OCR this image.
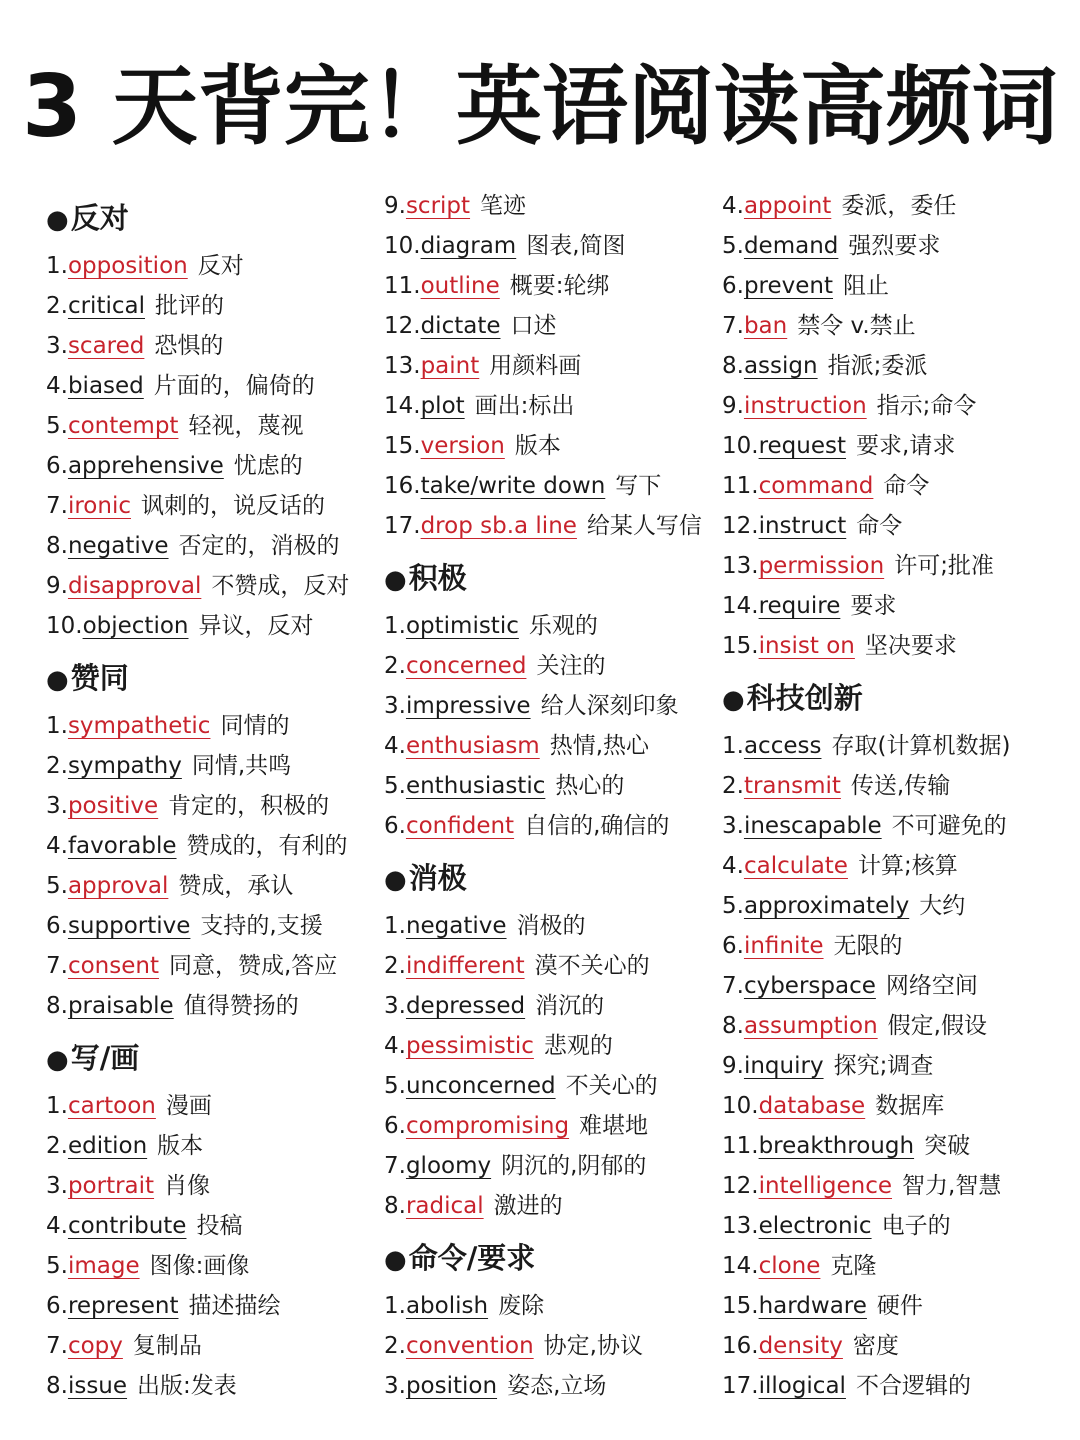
3 天背完！英语阅读高频词
●反对
1.opposition 反对
2.critical 批评的
3.scared 恐惧的
4.biased 片面的，偏倚的
5.contempt 轻视，蔑视
6.apprehensive 忧虑的
7.ironic 讽刺的，说反话的
8.negative 否定的，消极的
9.disapproval 不赞成，反对
10.objection 异议，反对
●赞同
1.sympathetic 同情的
2.sympathy 同情,共鸣
3.positive 肯定的，积极的
4.favorable 赞成的，有利的
5.approval 赞成，承认
6.supportive 支持的,支援
7.consent 同意，赞成,答应
8.praisable 值得赞扬的
●写/画
1.cartoon 漫画
2.edition 版本
3.portrait 肖像
4.contribute 投稿
5.image 图像:画像
6.represent 描述描绘
7.copy 复制品
8.issue 出版:发表
9.script 笔迹
10.diagram 图表,简图
11.outline 概要:轮绑
12.dictate 口述
13.paint 用颜料画
14.plot 画出:标出
15.version 版本
16.take/write down 写下
17.drop sb.a line 给某人写信
●积极
1.optimistic 乐观的
2.concerned 关注的
3.impressive 给人深刻印象
4.enthusiasm 热情,热心
5.enthusiastic 热心的
6.confident 自信的,确信的
●消极
1.negative 消极的
2.indifferent 漠不关心的
3.depressed 消沉的
4.pessimistic 悲观的
5.unconcerned 不关心的
6.compromising 难堪地
7.gloomy 阴沉的,阴郁的
8.radical 激进的
●命令/要求
1.abolish 废除
2.convention 协定,协议
3.position 姿态,立场
4.appoint 委派，委任
5.demand 强烈要求
6.prevent 阻止
7.ban 禁令 v.禁止
8.assign 指派;委派
9.instruction 指示;命令
10.request 要求,请求
11.command 命令
12.instruct 命令
13.permission 许可;批准
14.require 要求
15.insist on 坚决要求
●科技创新
1.access 存取(计算机数据)
2.transmit 传送,传输
3.inescapable 不可避免的
4.calculate 计算;核算
5.approximately 大约
6.infinite 无限的
7.cyberspace 网络空间
8.assumption 假定,假设
9.inquiry 探究;调查
10.database 数据库
11.breakthrough 突破
12.intelligence 智力,智慧
13.electronic 电子的
14.clone 克隆
15.hardware 硬件
16.density 密度
17.illogical 不合逻辑的
